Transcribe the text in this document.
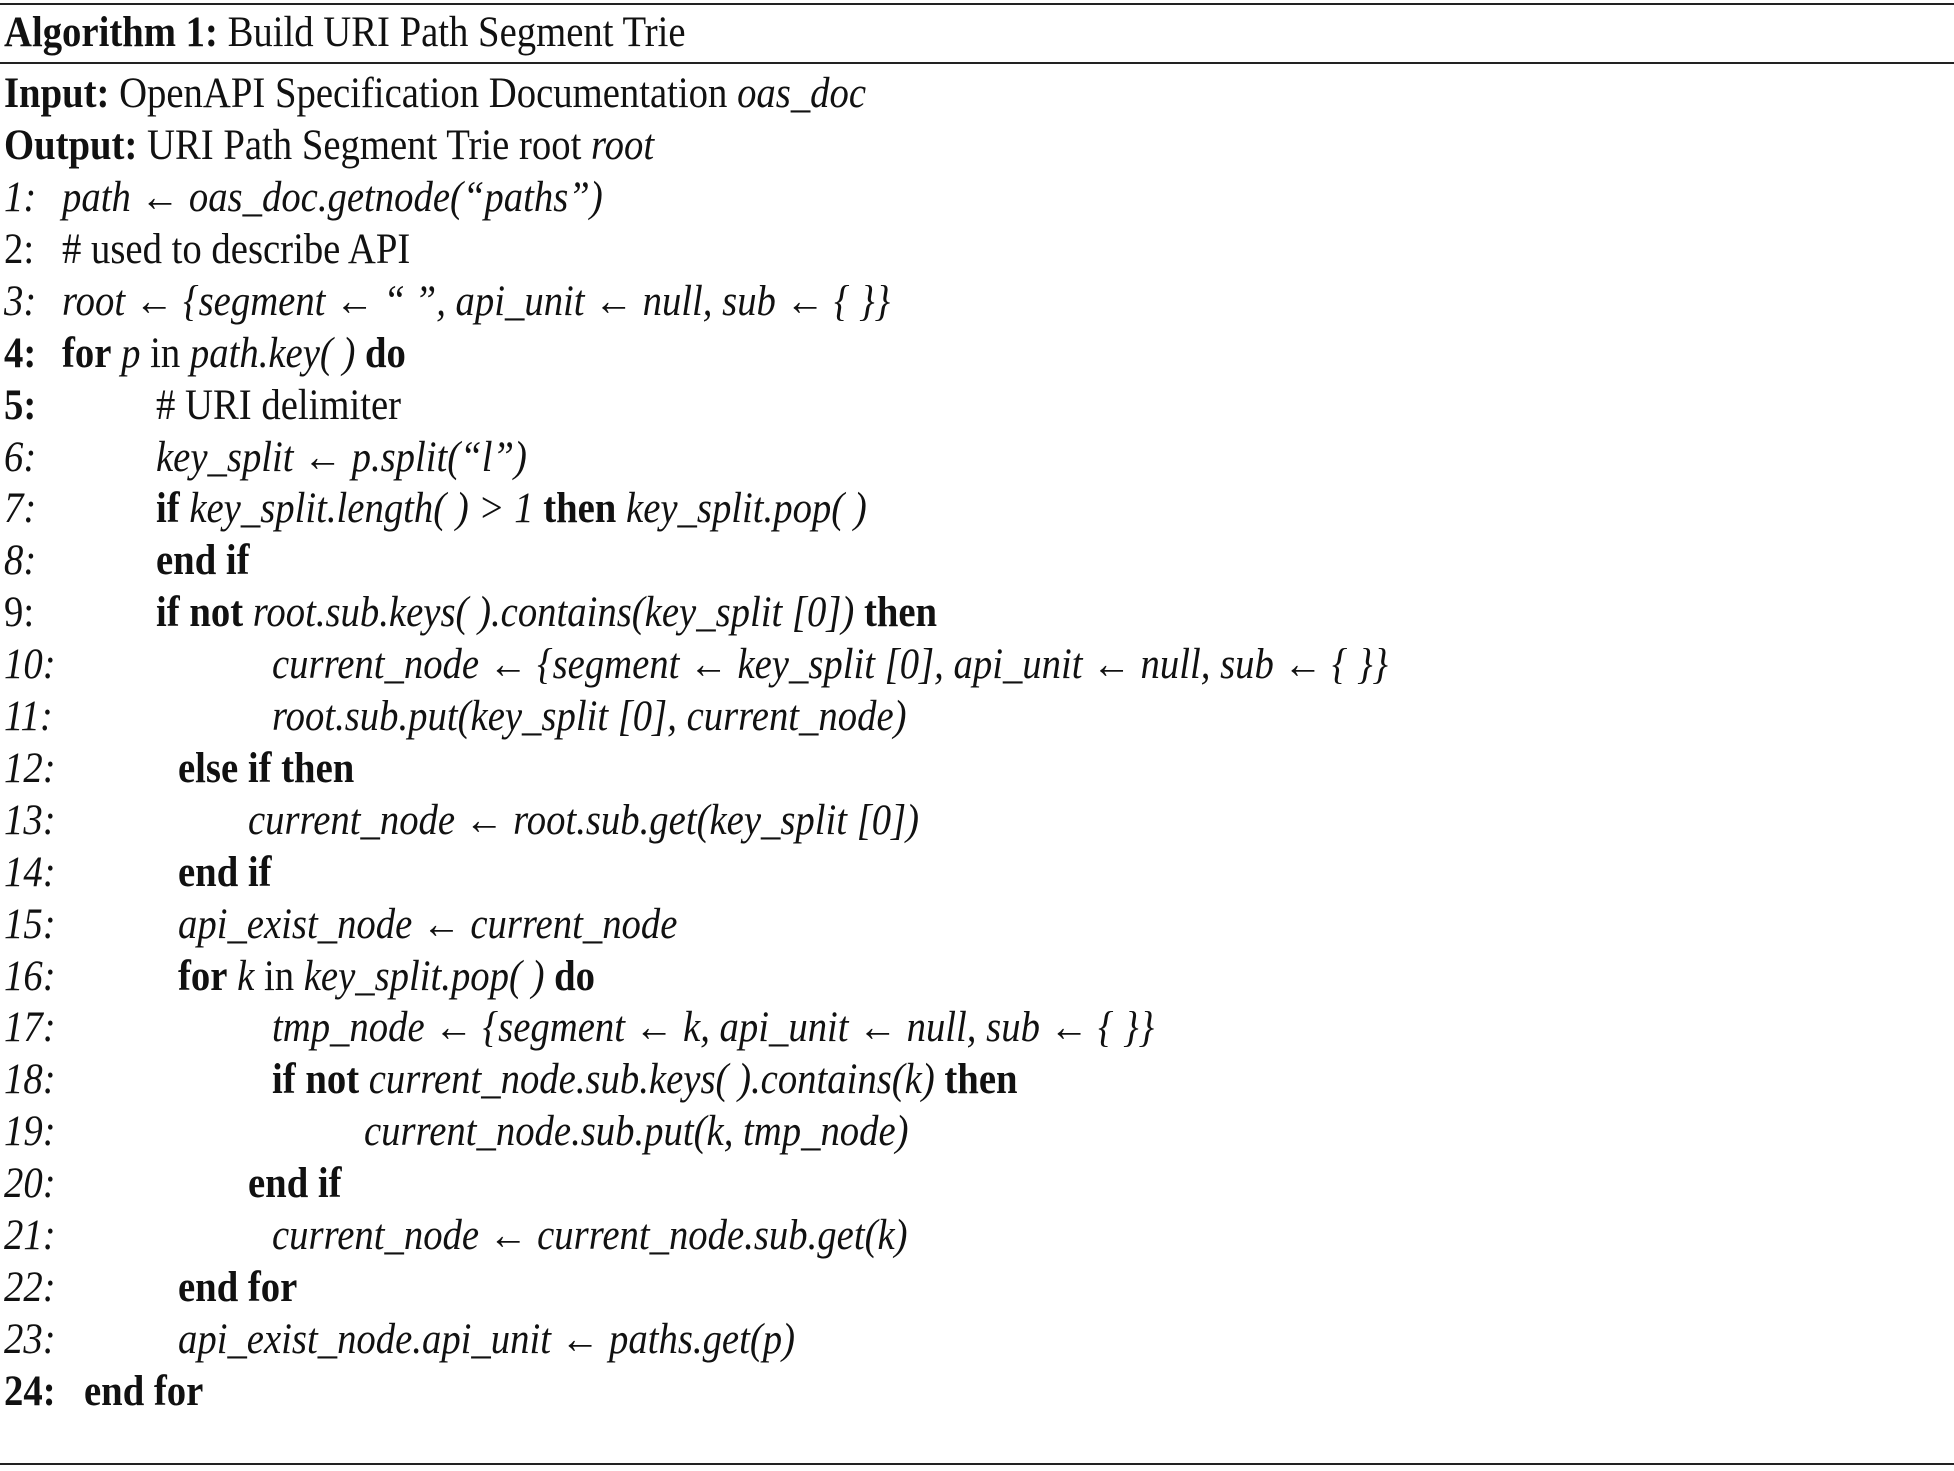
Algorithm 1: Build URI Path Segment Trie
Input: OpenAPI Specification Documentation oas_doc
Output: URI Path Segment Trie root root
1: path ← oas_doc.getnode(“paths”)
2: # used to describe API
3: root ← {segment ← “ ”, api_unit ← null, sub ← { }}
4: for p in path.key( ) do
5:	# URI delimiter
6:	key_split ← p.split(“l”)
7:	if key_split.length( ) > 1 then key_split.pop( )
8:	end if
9:	if not root.sub.keys( ).contains(key_split [0]) then
10:	current_node ← {segment ← key_split [0], api_unit ← null, sub ← { }}
11:	root.sub.put(key_split [0], current_node)
12:	else if then
13:	current_node ← root.sub.get(key_split [0])
14:	end if
15:	api_exist_node ← current_node
16:	for k in key_split.pop( ) do
17:	tmp_node ← {segment ← k, api_unit ← null, sub ← { }}
18:	if not current_node.sub.keys( ).contains(k) then
19:	current_node.sub.put(k, tmp_node)
20:	end if
21:	current_node ← current_node.sub.get(k)
22:	end for
23:	api_exist_node.api_unit ← paths.get(p)
24: end for
